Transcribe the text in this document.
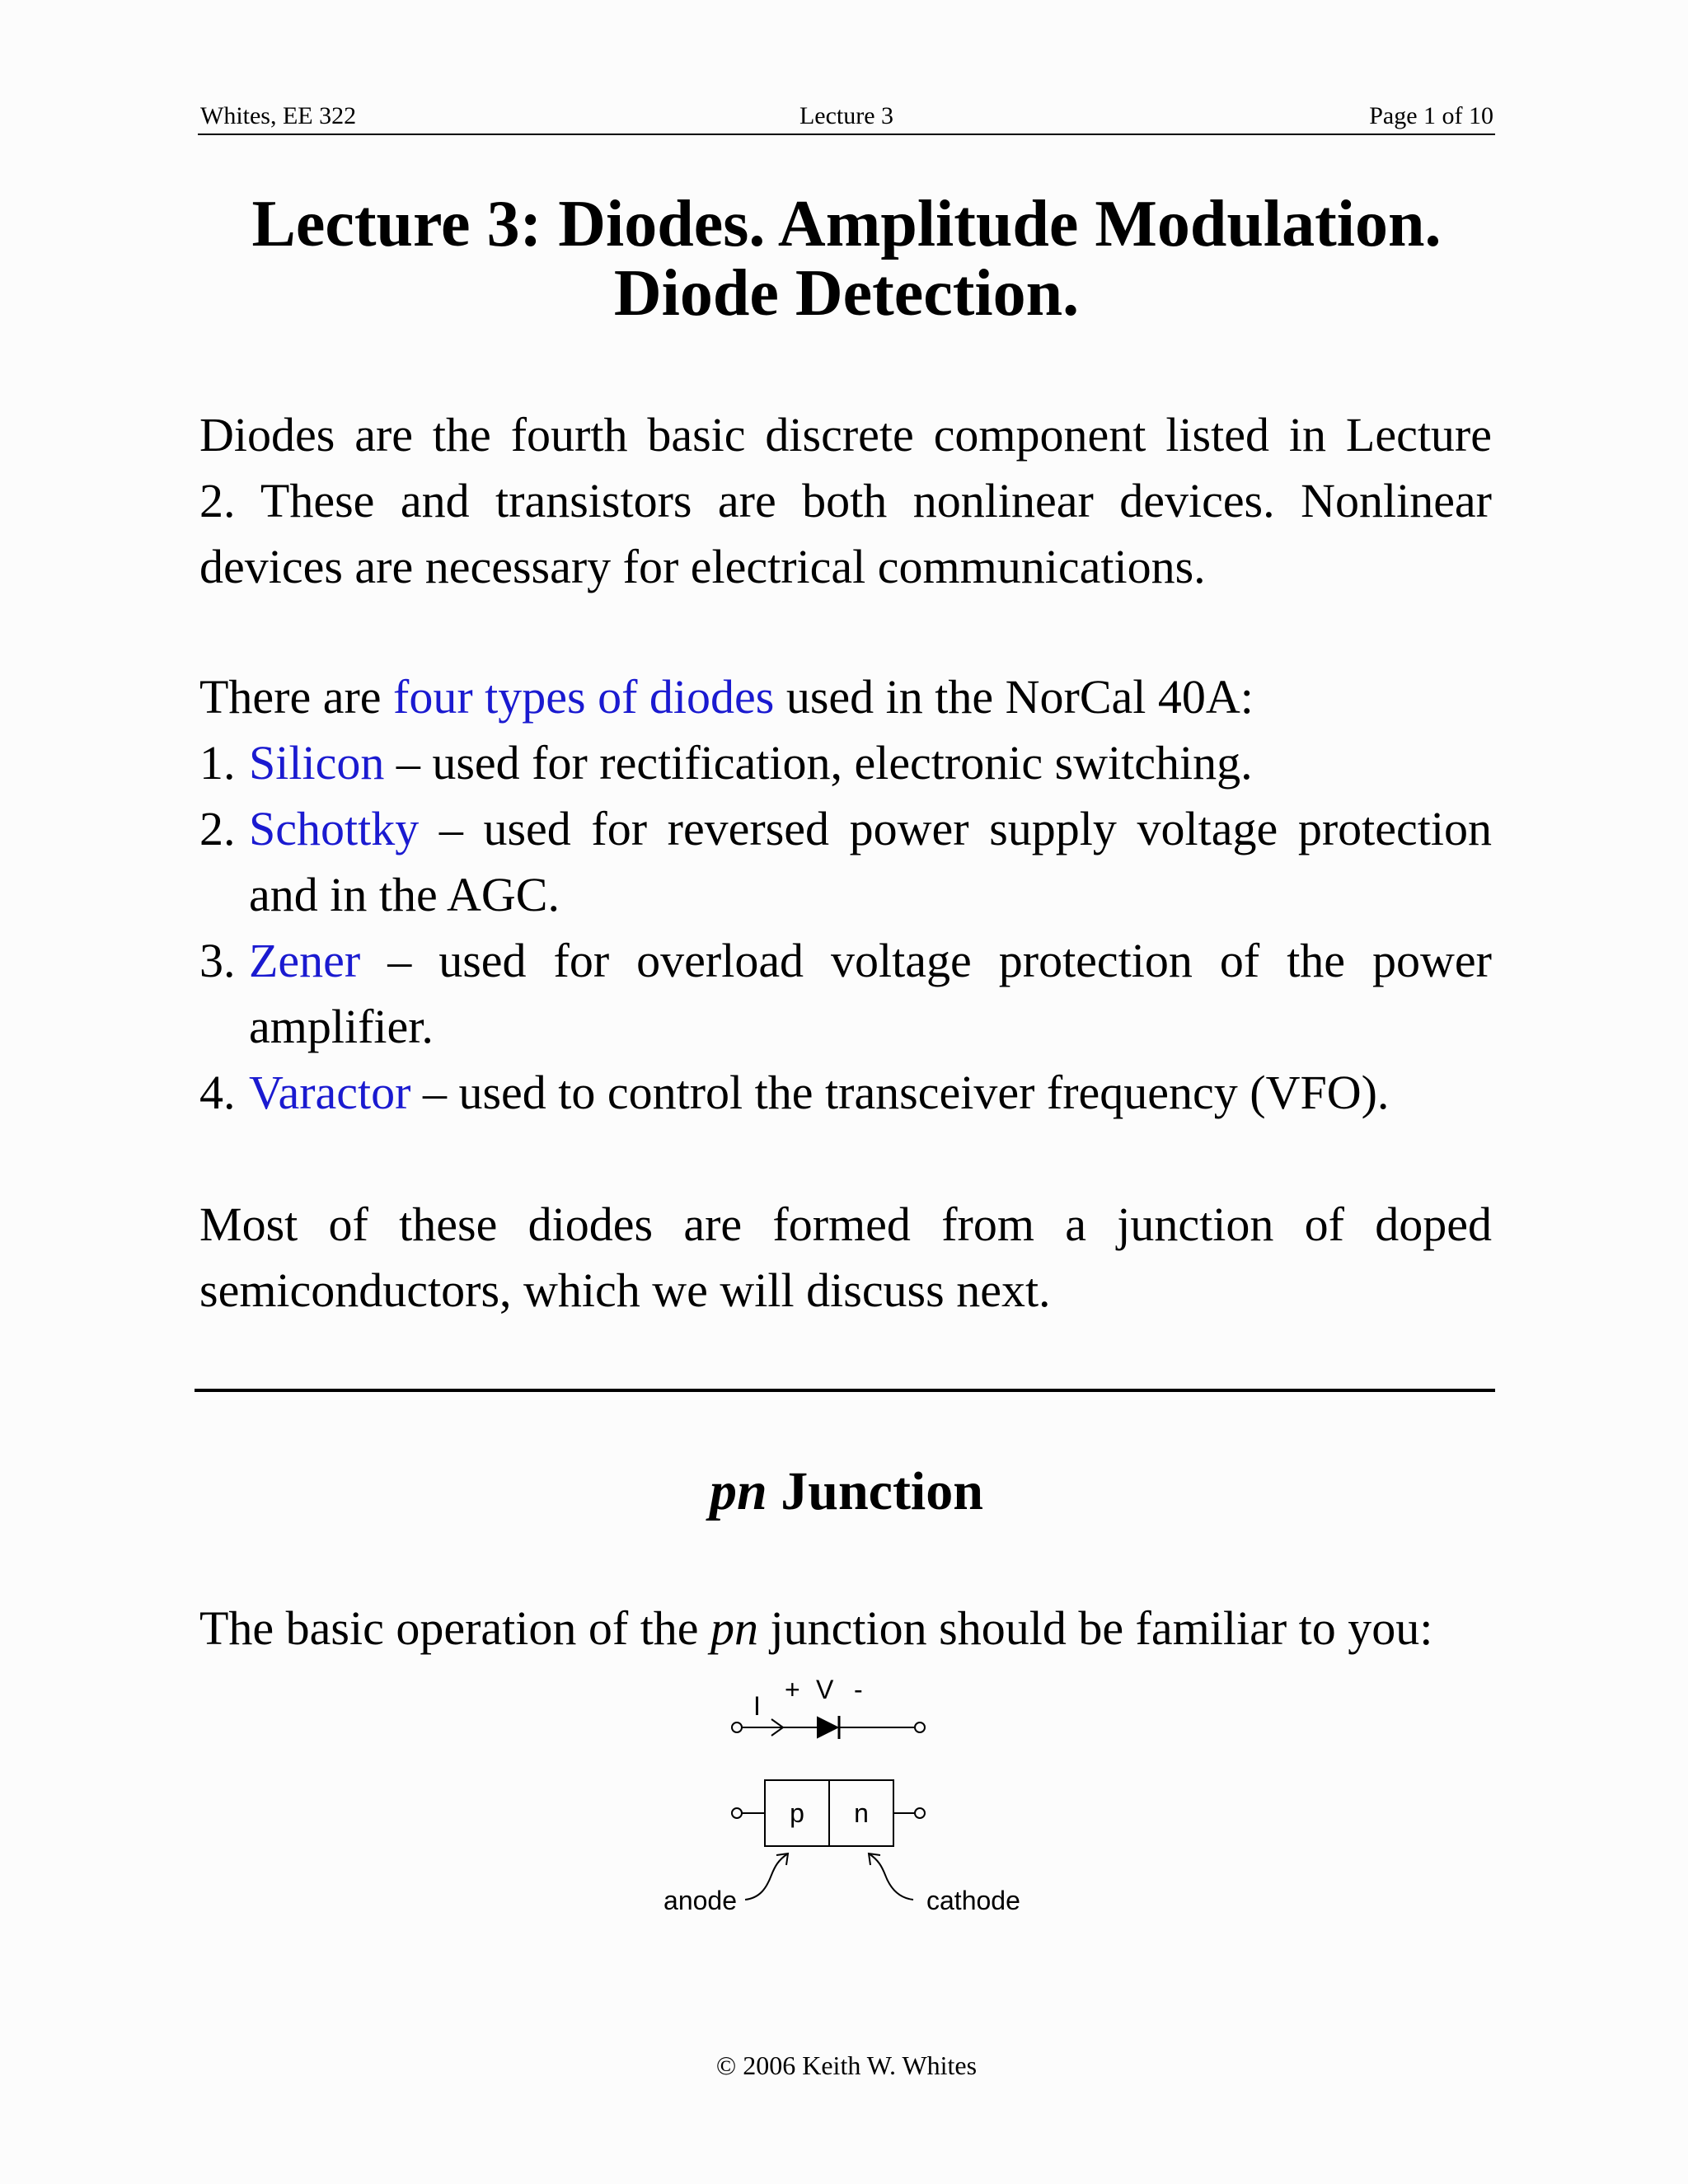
Whites, EE 322	Lecture 3	Page 1 of 10
Lecture 3: Diodes. Amplitude Modulation.
Diode Detection.
Diodes are the fourth basic discrete component listed in Lecture
2. These and transistors are both nonlinear devices. Nonlinear
devices are necessary for electrical communications.
There are four types of diodes used in the NorCal 40A:
1. Silicon – used for rectification, electronic switching.
2. Schottky – used for reversed power supply voltage protection
and in the AGC.
3. Zener – used for overload voltage protection of the power
amplifier.
4. Varactor – used to control the transceiver frequency (VFO).
Most of these diodes are formed from a junction of doped
semiconductors, which we will discuss next.
pn Junction
The basic operation of the pn junction should be familiar to you:
I
+ V -
p n
anode	cathode
© 2006 Keith W. Whites
